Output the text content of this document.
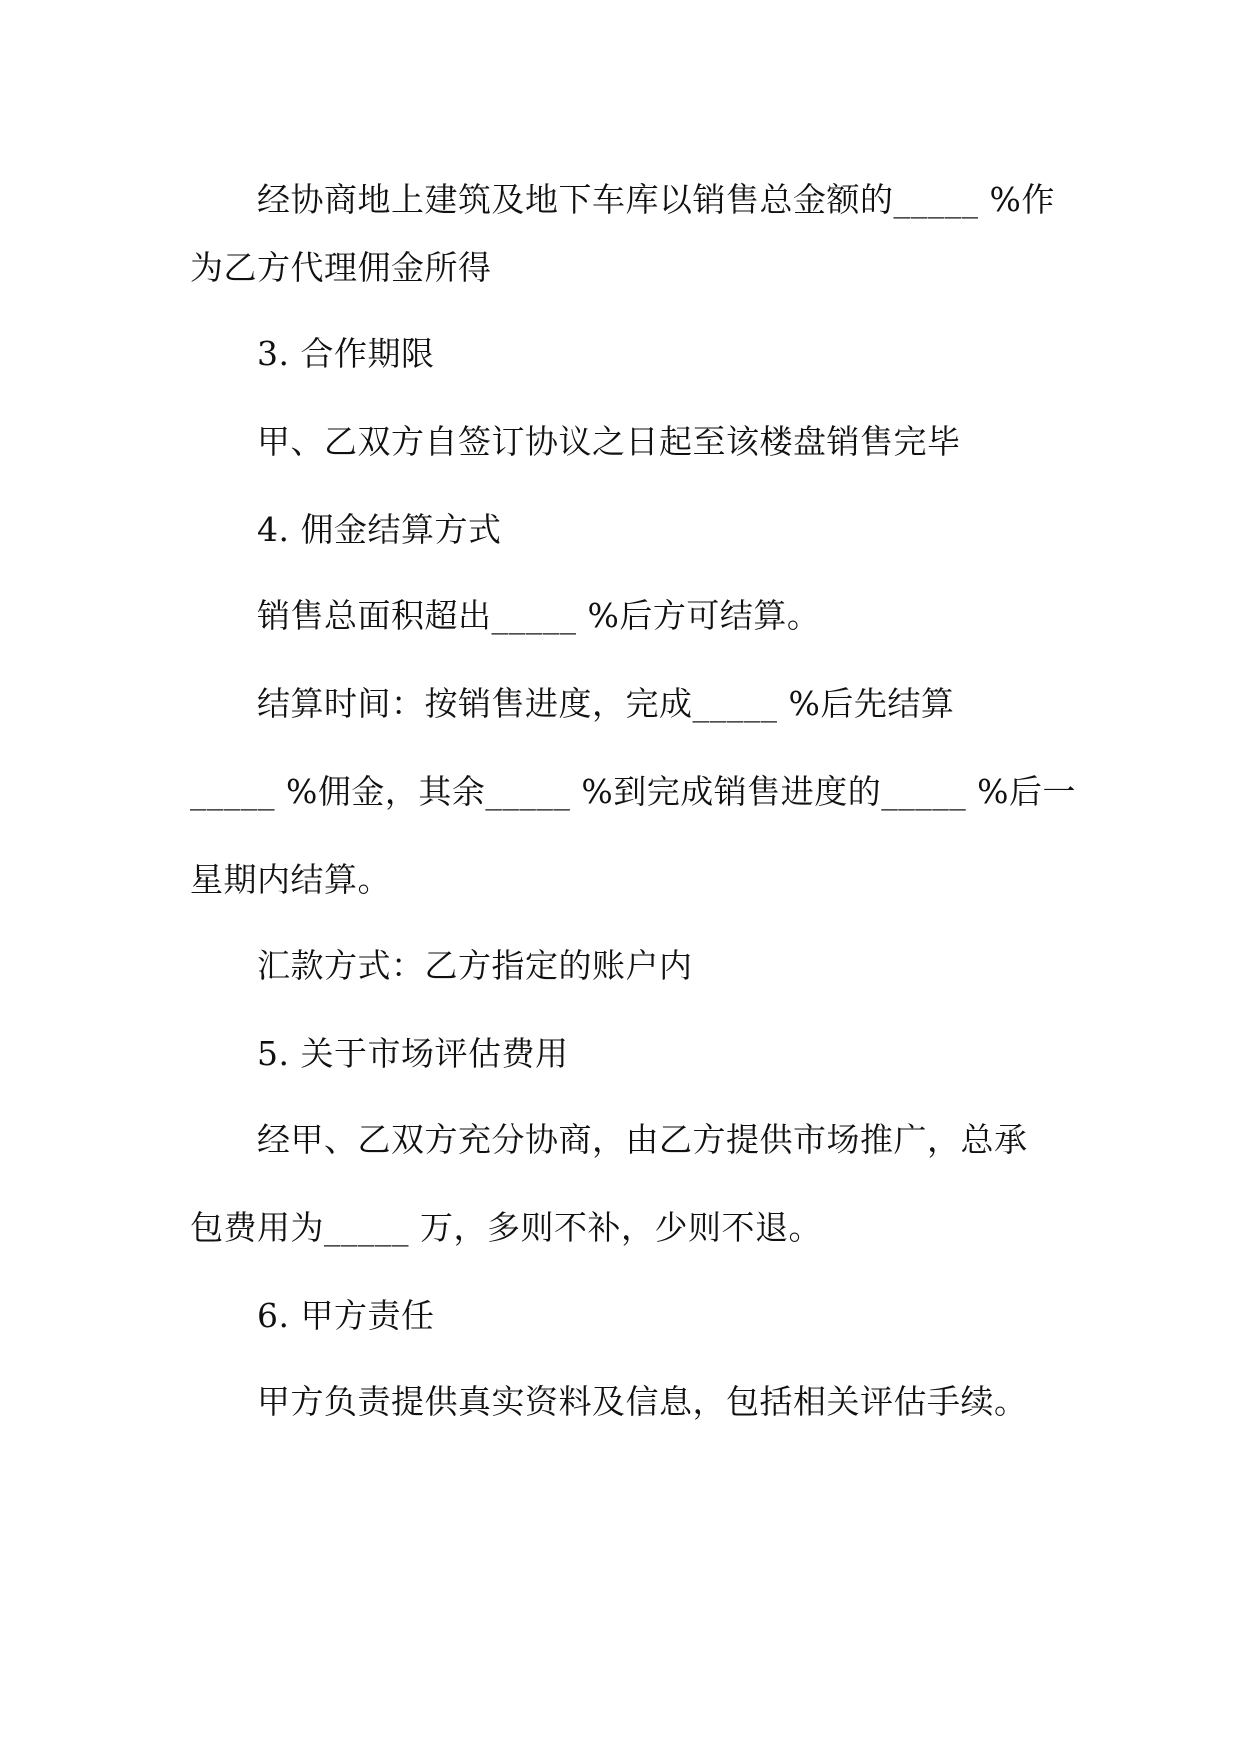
经协商地上建筑及地下车库以销售总金额的_____ %作
为乙方代理佣金所得
3. 合作期限
甲、乙双方自签订协议之日起至该楼盘销售完毕
4. 佣金结算方式
销售总面积超出_____ %后方可结算。
结算时间：按销售进度，完成_____ %后先结算
_____ %佣金，其余_____ %到完成销售进度的_____ %后一
星期内结算。
汇款方式：乙方指定的账户内
5. 关于市场评估费用
经甲、乙双方充分协商，由乙方提供市场推广，总承
包费用为_____ 万，多则不补，少则不退。
6. 甲方责任
甲方负责提供真实资料及信息，包括相关评估手续。
